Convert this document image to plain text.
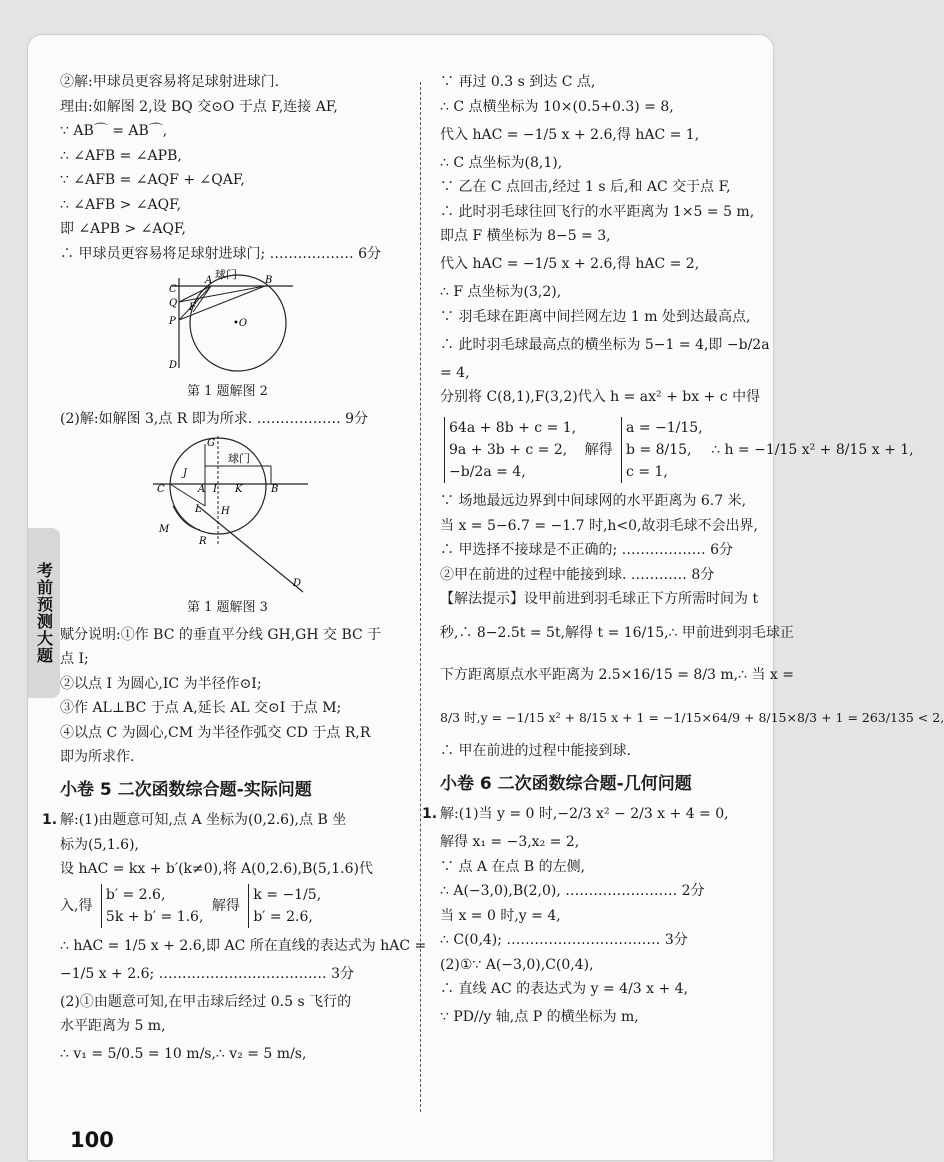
考前预测大题
②解:甲球员更容易将足球射进球门.
理由:如解图 2,设 BQ 交⊙O 于点 F,连接 AF,
∵ AB⌒ = AB⌒,
∴ ∠AFB = ∠APB,
∵ ∠AFB = ∠AQF + ∠QAF,
∴ ∠AFB > ∠AQF,
即 ∠APB > ∠AQF,
∴ 甲球员更容易将足球射进球门; ……………… 6分
球门
C
A	B
Q F
P	•O
D
第 1 题解图 2
(2)解:如解图 3,点 R 即为所求. ……………… 9分
G
球门
J
C	A I K	B
L H
M
R
D
第 1 题解图 3
赋分说明:①作 BC 的垂直平分线 GH,GH 交 BC 于
点 I;
②以点 I 为圆心,IC 为半径作⊙I;
③作 AL⊥BC 于点 A,延长 AL 交⊙I 于点 M;
④以点 C 为圆心,CM 为半径作弧交 CD 于点 R,R
即为所求作.
小卷 5 二次函数综合题-实际问题
1. 解:(1)由题意可知,点 A 坐标为(0,2.6),点 B 坐
标为(5,1.6),
设 hAC = kx + b′(k≠0),将 A(0,2.6),B(5,1.6)代
入,得 b′ = 2.6,
5k + b′ = 1.6, 解得 k = −1/5,
b′ = 2.6,
∴ hAC = 1/5 x + 2.6,即 AC 所在直线的表达式为 hAC =
−1/5 x + 2.6; ……………………………… 3分
(2)①由题意可知,在甲击球后经过 0.5 s 飞行的
水平距离为 5 m,
∴ v₁ = 5/0.5 = 10 m/s,∴ v₂ = 5 m/s,
∵ 再过 0.3 s 到达 C 点,
∴ C 点横坐标为 10×(0.5+0.3) = 8,
代入 hAC = −1/5 x + 2.6,得 hAC = 1,
∴ C 点坐标为(8,1),
∵ 乙在 C 点回击,经过 1 s 后,和 AC 交于点 F,
∴ 此时羽毛球往回飞行的水平距离为 1×5 = 5 m,
即点 F 横坐标为 8−5 = 3,
代入 hAC = −1/5 x + 2.6,得 hAC = 2,
∴ F 点坐标为(3,2),
∵ 羽毛球在距离中间拦网左边 1 m 处到达最高点,
∴ 此时羽毛球最高点的横坐标为 5−1 = 4,即 −b/2a
= 4,
分别将 C(8,1),F(3,2)代入 h = ax² + bx + c 中得
64a + 8b + c = 1,
9a + 3b + c = 2,
−b/2a = 4, 解得 a = −1/15,
b = 8/15,
c = 1, ∴ h = −1/15 x² + 8/15 x + 1,
∵ 场地最远边界到中间球网的水平距离为 6.7 米,
当 x = 5−6.7 = −1.7 时,h<0,故羽毛球不会出界,
∴ 甲选择不接球是不正确的; ……………… 6分
②甲在前进的过程中能接到球. ………… 8分
【解法提示】设甲前进到羽毛球正下方所需时间为 t
秒,∴ 8−2.5t = 5t,解得 t = 16/15,∴ 甲前进到羽毛球正
下方距离原点水平距离为 2.5×16/15 = 8/3 m,∴ 当 x =
8/3 时,y = −1/15 x² + 8/15 x + 1 = −1/15×64/9 + 8/15×8/3 + 1 = 263/135 < 2,
∴ 甲在前进的过程中能接到球.
小卷 6 二次函数综合题-几何问题
1. 解:(1)当 y = 0 时,−2/3 x² − 2/3 x + 4 = 0,
解得 x₁ = −3,x₂ = 2,
∵ 点 A 在点 B 的左侧,
∴ A(−3,0),B(2,0), …………………… 2分
当 x = 0 时,y = 4,
∴ C(0,4); …………………………… 3分
(2)①∵ A(−3,0),C(0,4),
∴ 直线 AC 的表达式为 y = 4/3 x + 4,
∵ PD//y 轴,点 P 的横坐标为 m,
100
